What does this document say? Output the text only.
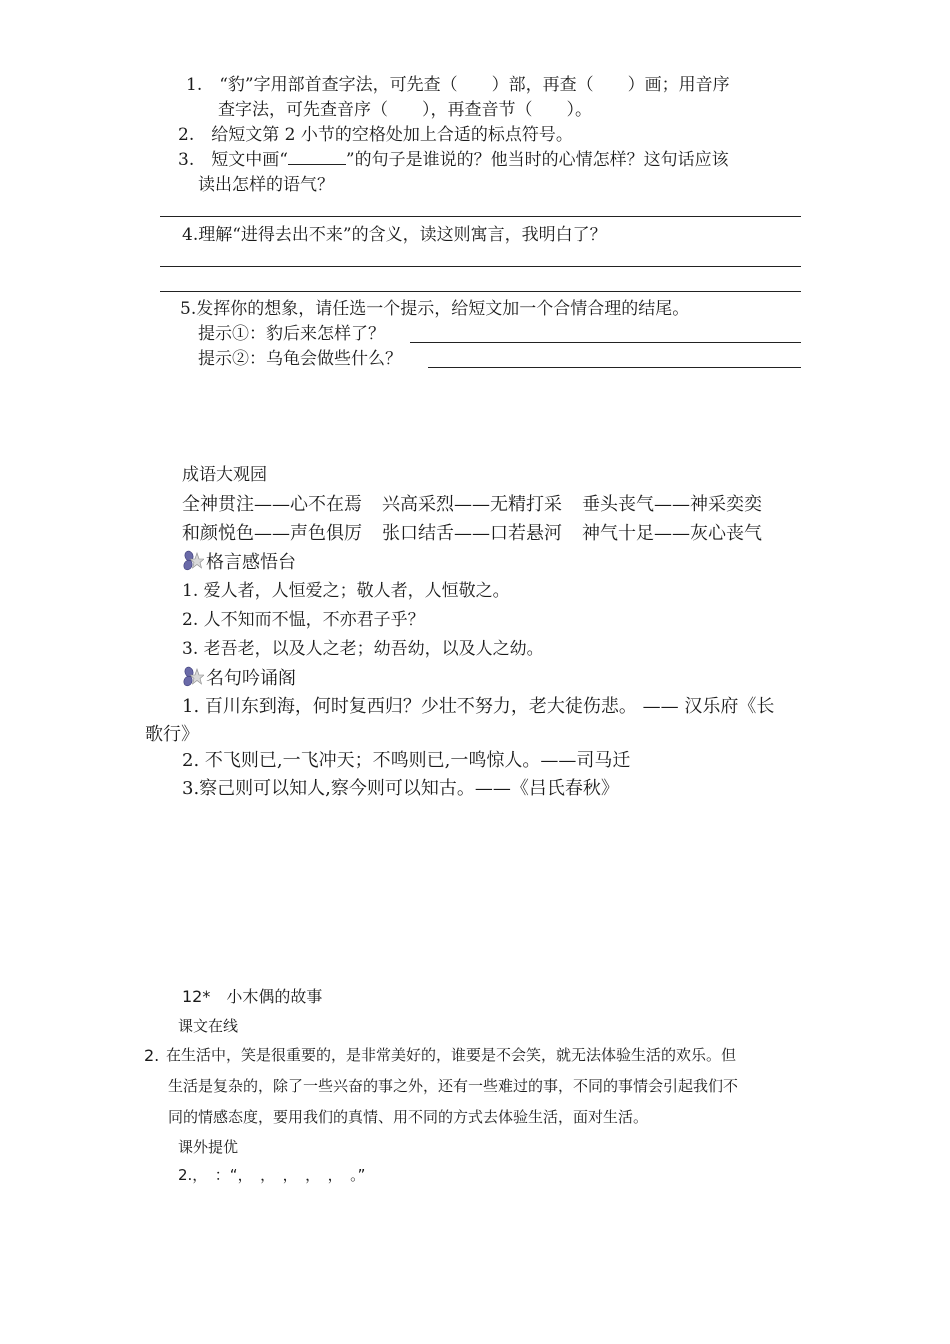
1.　“豹”字用部首查字法，可先查（　　）部，再查（　　）画；用音序
查字法，可先查音序（　　），再查音节（　　）。
2.　给短文第 2 小节的空格处加上合适的标点符号。
3.　短文中画“	”的句子是谁说的？他当时的心情怎样？这句话应该
读出怎样的语气？
4.理解“进得去出不来”的含义，读这则寓言，我明白了？
5.发挥你的想象，请任选一个提示，给短文加一个合情合理的结尾。
提示①：豹后来怎样了？
提示②：乌龟会做些什么？
成语大观园
全神贯注——心不在焉 兴高采烈——无精打采 垂头丧气——神采奕奕
和颜悦色——声色俱厉 张口结舌——口若悬河 神气十足——灰心丧气
格言感悟台
1. 爱人者，人恒爱之；敬人者，人恒敬之。
2. 人不知而不愠，不亦君子乎？
3. 老吾老，以及人之老；幼吾幼，以及人之幼。
名句吟诵阁
1. 百川东到海，何时复西归？少壮不努力，老大徒伤悲。 —— 汉乐府《长
歌行》
2. 不飞则已,一飞冲天；不鸣则已,一鸣惊人。——司马迁
3.察己则可以知人,察今则可以知古。——《吕氏春秋》
12*　小木偶的故事
课文在线
2. 在生活中，笑是很重要的，是非常美好的，谁要是不会笑，就无法体验生活的欢乐。但
生活是复杂的，除了一些兴奋的事之外，还有一些难过的事，不同的事情会引起我们不
同的情感态度，要用我们的真情、用不同的方式去体验生活，面对生活。
课外提优
2.，　：“，　，　，　，　，　。”
